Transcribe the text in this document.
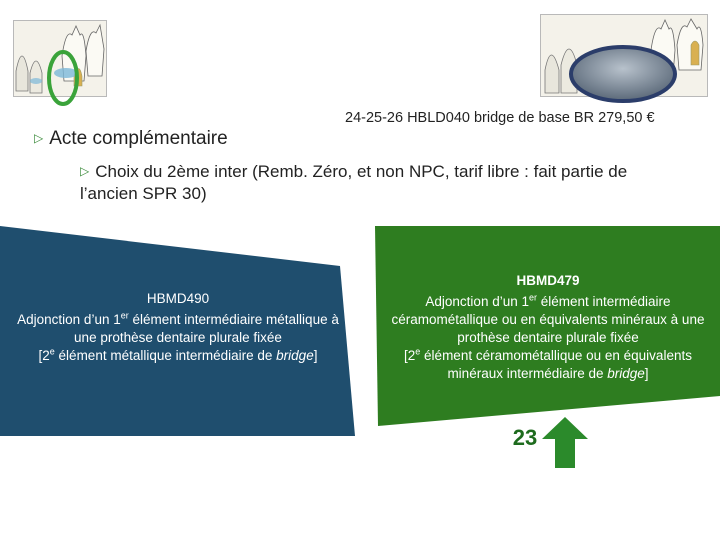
24-25-26 HBLD040 bridge de base BR 279,50 €
▷ Acte complémentaire
▷ Choix du 2ème inter (Remb. Zéro, et non NPC, tarif libre : fait partie de l’ancien SPR 30)
HBMD490
Adjonction d’un 1er élément intermédiaire métallique à une prothèse dentaire plurale fixée
[2e élément métallique intermédiaire de bridge]
HBMD479
Adjonction d’un 1er élément intermédiaire céramométallique ou en équivalents minéraux à une prothèse dentaire plurale fixée
[2e élément céramométallique ou en équivalents minéraux intermédiaire de bridge]
23
